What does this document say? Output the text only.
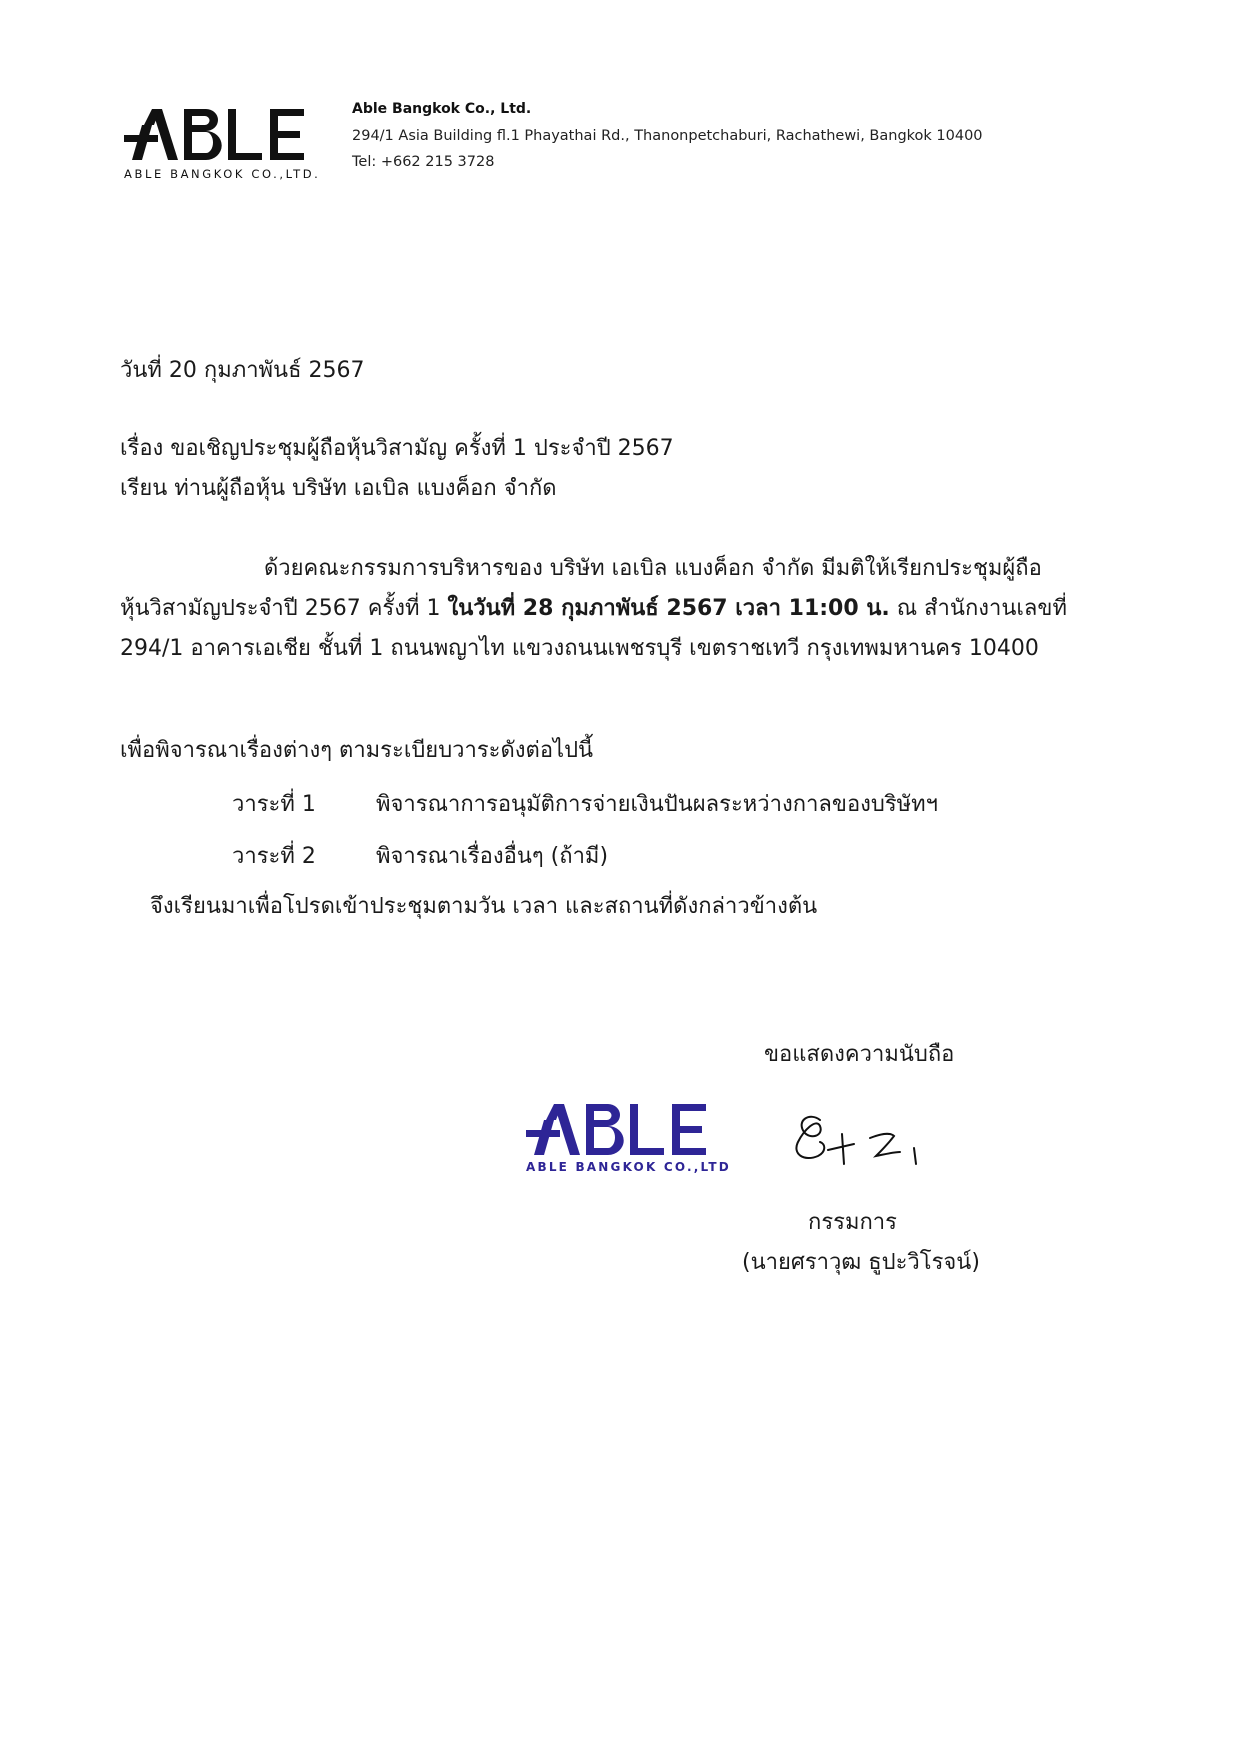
ABLE BANGKOK CO.,LTD.
Able Bangkok Co., Ltd.
294/1 Asia Building fl.1 Phayathai Rd., Thanonpetchaburi, Rachathewi, Bangkok 10400
Tel: +662 215 3728
วันที่ 20 กุมภาพันธ์ 2567
เรื่อง ขอเชิญประชุมผู้ถือหุ้นวิสามัญ ครั้งที่ 1 ประจำปี 2567
เรียน ท่านผู้ถือหุ้น บริษัท เอเบิล แบงค็อก จำกัด
ด้วยคณะกรรมการบริหารของ บริษัท เอเบิล แบงค็อก จำกัด มีมติให้เรียกประชุมผู้ถือ
หุ้นวิสามัญประจำปี 2567 ครั้งที่ 1 ในวันที่ 28 กุมภาพันธ์ 2567 เวลา 11:00 น. ณ สำนักงานเลขที่
294/1 อาคารเอเชีย ชั้นที่ 1 ถนนพญาไท แขวงถนนเพชรบุรี เขตราชเทวี กรุงเทพมหานคร 10400
เพื่อพิจารณาเรื่องต่างๆ ตามระเบียบวาระดังต่อไปนี้
วาระที่ 1	พิจารณาการอนุมัติการจ่ายเงินปันผลระหว่างกาลของบริษัทฯ
วาระที่ 2	พิจารณาเรื่องอื่นๆ (ถ้ามี)
จึงเรียนมาเพื่อโปรดเข้าประชุมตามวัน เวลา และสถานที่ดังกล่าวข้างต้น
ขอแสดงความนับถือ
ABLE BANGKOK CO.,LTD
กรรมการ
(นายศราวุฒ ธูปะวิโรจน์)
